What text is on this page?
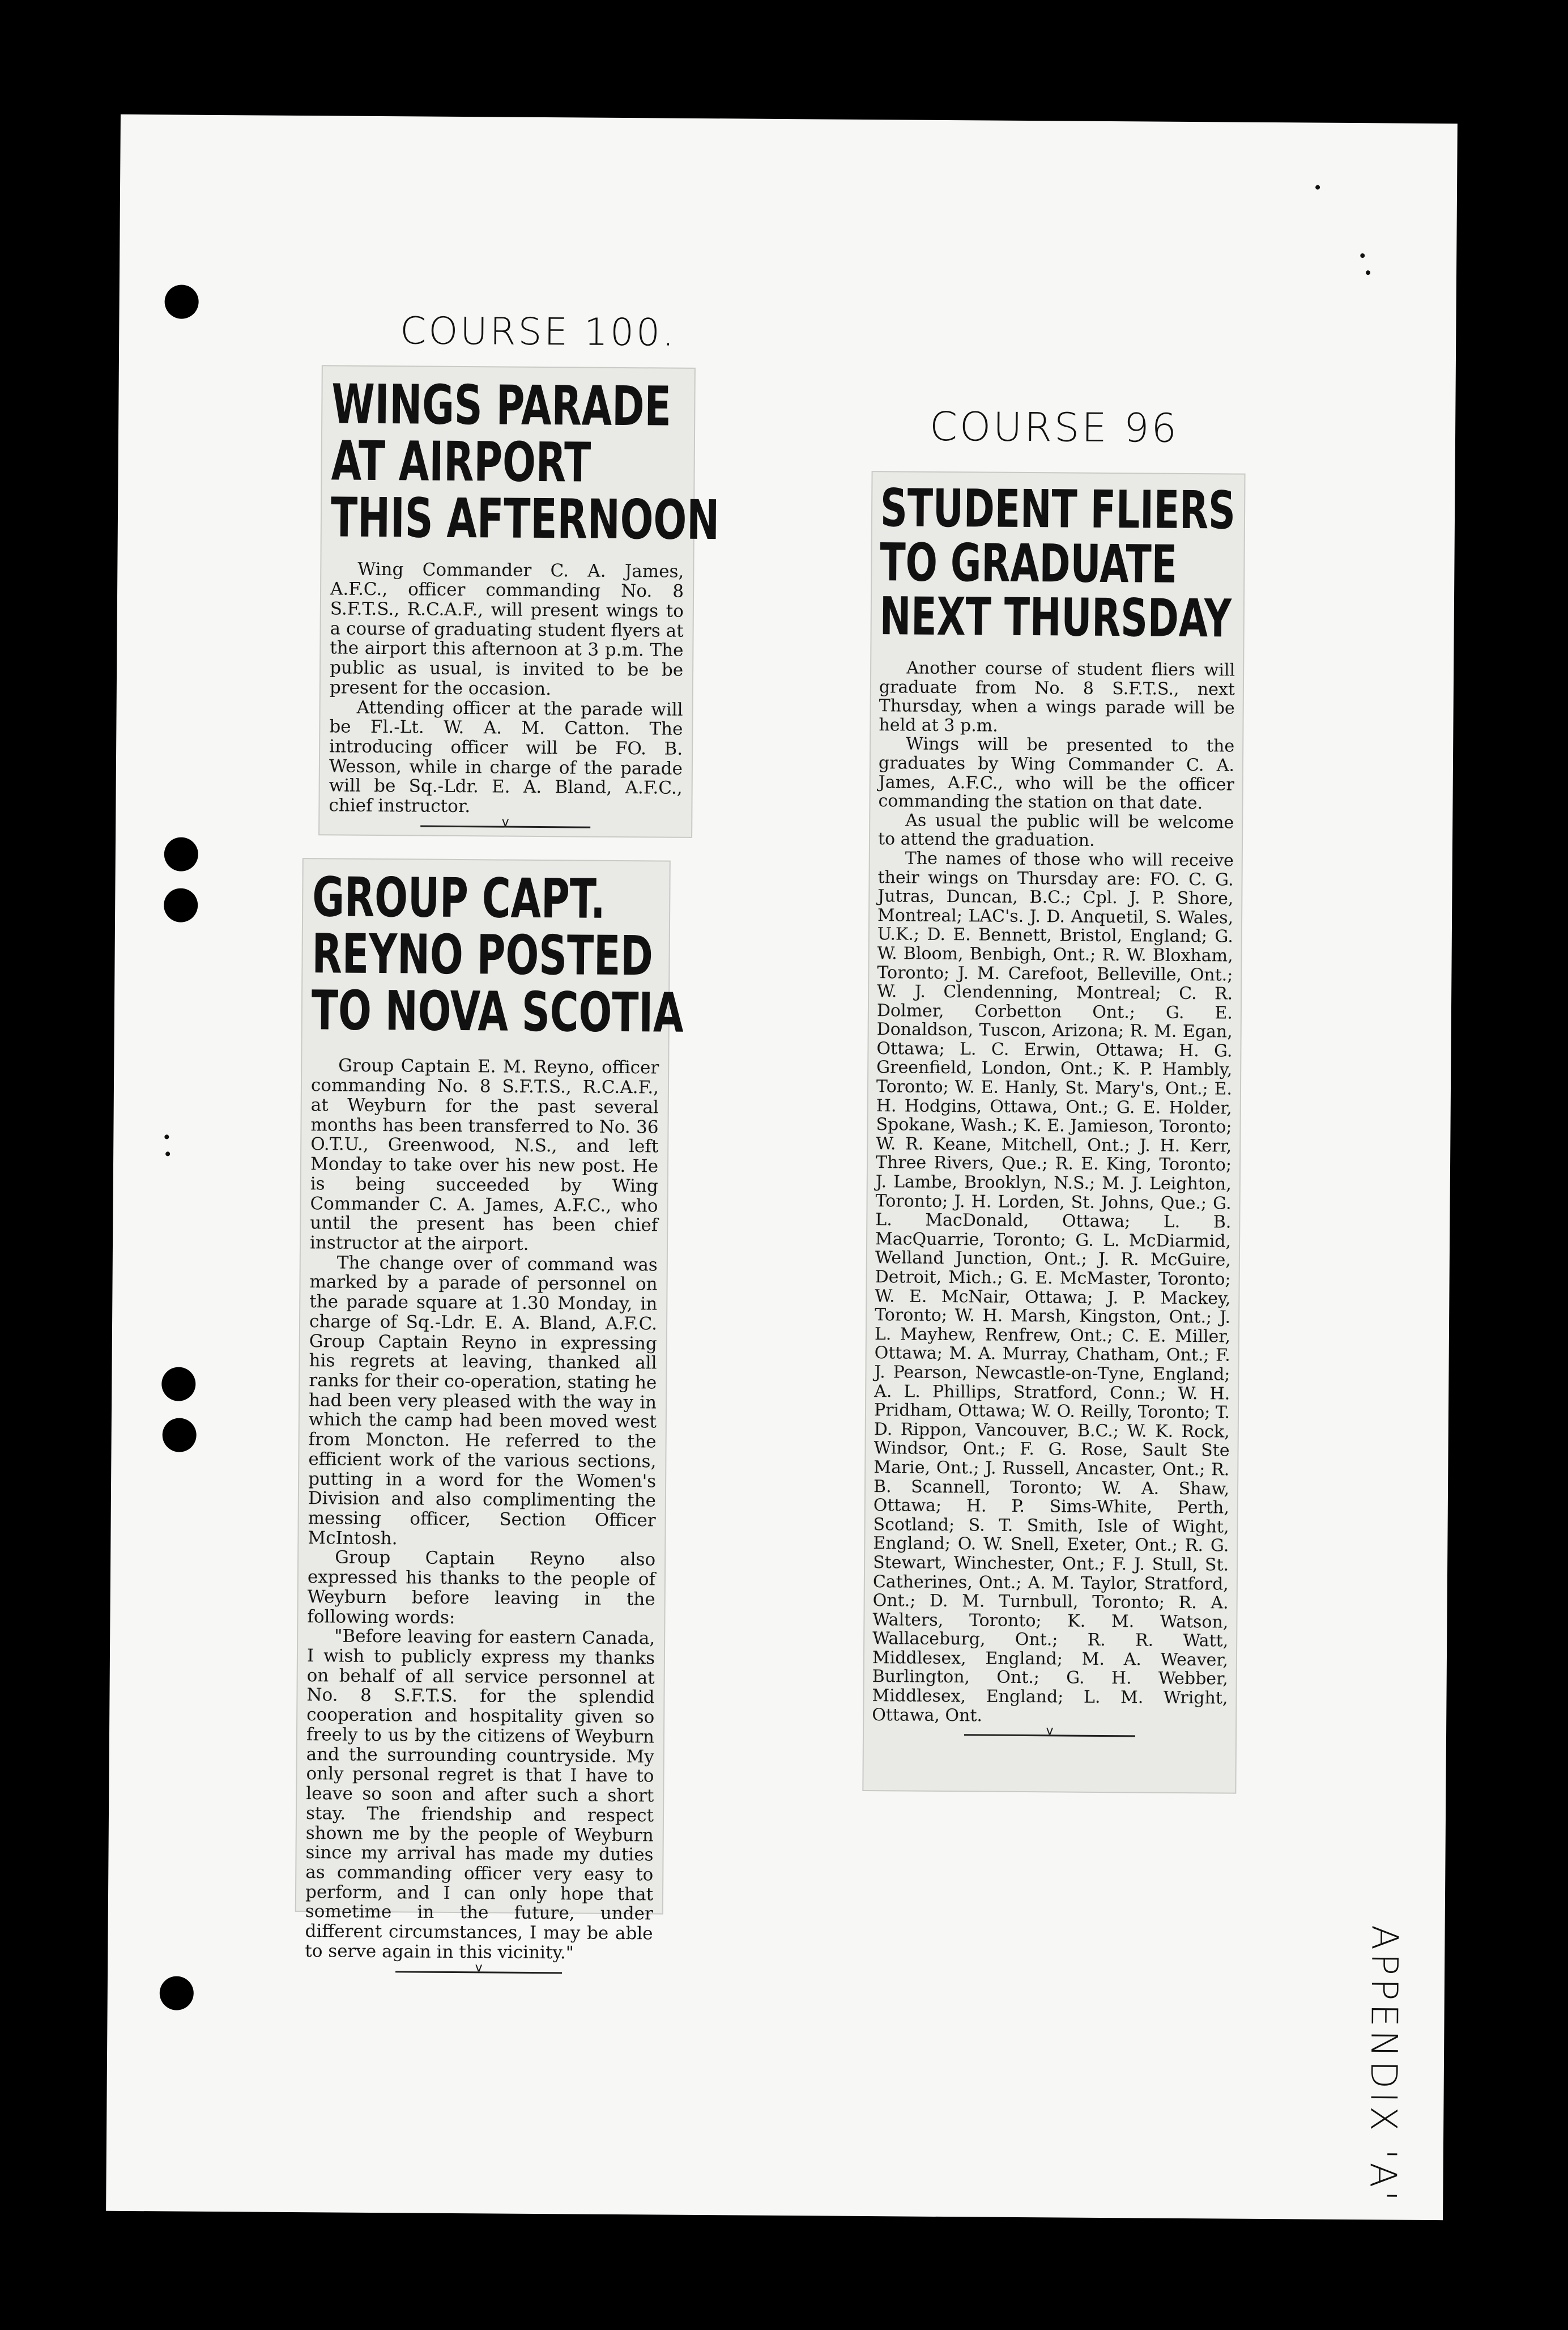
COURSE 100.
COURSE 96
APPENDIX 'A'
WINGS PARADE
AT AIRPORT
THIS AFTERNOON

Wing Commander C. A. James, A.F.C., officer commanding No. 8 S.F.T.S., R.C.A.F., will present wings to a course of graduating student flyers at the airport this afternoon at 3 p.m. The public as usual, is invited to be be present for the occasion.

Attending officer at the parade will be Fl.-Lt. W. A. M. Catton. The introducing officer will be FO. B. Wesson, while in charge of the parade will be Sq.-Ldr. E. A. Bland, A.F.C., chief instructor.

v
GROUP CAPT.
REYNO POSTED
TO NOVA SCOTIA

Group Captain E. M. Reyno, officer commanding No. 8 S.F.T.S., R.C.A.F., at Weyburn for the past several months has been transferred to No. 36 O.T.U., Greenwood, N.S., and left Monday to take over his new post. He is being succeeded by Wing Commander C. A. James, A.F.C., who until the present has been chief instructor at the airport.

The change over of command was marked by a parade of personnel on the parade square at 1.30 Monday, in charge of Sq.-Ldr. E. A. Bland, A.F.C. Group Captain Reyno in expressing his regrets at leaving, thanked all ranks for their co-operation, stating he had been very pleased with the way in which the camp had been moved west from Moncton. He referred to the efficient work of the various sections, putting in a word for the Women's Division and also complimenting the messing officer, Section Officer McIntosh.

Group Captain Reyno also expressed his thanks to the people of Weyburn before leaving in the following words:

"Before leaving for eastern Canada, I wish to publicly express my thanks on behalf of all service personnel at No. 8 S.F.T.S. for the splendid cooperation and hospitality given so freely to us by the citizens of Weyburn and the surrounding countryside. My only personal regret is that I have to leave so soon and after such a short stay. The friendship and respect shown me by the people of Weyburn since my arrival has made my duties as commanding officer very easy to perform, and I can only hope that sometime in the future, under different circumstances, I may be able to serve again in this vicinity."

v
STUDENT FLIERS
TO GRADUATE
NEXT THURSDAY

Another course of student fliers will graduate from No. 8 S.F.T.S., next Thursday, when a wings parade will be held at 3 p.m.

Wings will be presented to the graduates by Wing Commander C. A. James, A.F.C., who will be the officer commanding the station on that date.

As usual the public will be welcome to attend the graduation.

The names of those who will receive their wings on Thursday are: FO. C. G. Jutras, Duncan, B.C.; Cpl. J. P. Shore, Montreal; LAC's. J. D. Anquetil, S. Wales, U.K.; D. E. Bennett, Bristol, England; G. W. Bloom, Benbigh, Ont.; R. W. Bloxham, Toronto; J. M. Carefoot, Belleville, Ont.; W. J. Clendenning, Montreal; C. R. Dolmer, Corbetton Ont.; G. E. Donaldson, Tuscon, Arizona; R. M. Egan, Ottawa; L. C. Erwin, Ottawa; H. G. Greenfield, London, Ont.; K. P. Hambly, Toronto; W. E. Hanly, St. Mary's, Ont.; E. H. Hodgins, Ottawa, Ont.; G. E. Holder, Spokane, Wash.; K. E. Jamieson, Toronto; W. R. Keane, Mitchell, Ont.; J. H. Kerr, Three Rivers, Que.; R. E. King, Toronto; J. Lambe, Brooklyn, N.S.; M. J. Leighton, Toronto; J. H. Lorden, St. Johns, Que.; G. L. MacDonald, Ottawa; L. B. MacQuarrie, Toronto; G. L. McDiarmid, Welland Junction, Ont.; J. R. McGuire, Detroit, Mich.; G. E. McMaster, Toronto; W. E. McNair, Ottawa; J. P. Mackey, Toronto; W. H. Marsh, Kingston, Ont.; J. L. Mayhew, Renfrew, Ont.; C. E. Miller, Ottawa; M. A. Murray, Chatham, Ont.; F. J. Pearson, Newcastle-on-Tyne, England; A. L. Phillips, Stratford, Conn.; W. H. Pridham, Ottawa; W. O. Reilly, Toronto; T. D. Rippon, Vancouver, B.C.; W. K. Rock, Windsor, Ont.; F. G. Rose, Sault Ste Marie, Ont.; J. Russell, Ancaster, Ont.; R. B. Scannell, Toronto; W. A. Shaw, Ottawa; H. P. Sims-White, Perth, Scotland; S. T. Smith, Isle of Wight, England; O. W. Snell, Exeter, Ont.; R. G. Stewart, Winchester, Ont.; F. J. Stull, St. Catherines, Ont.; A. M. Taylor, Stratford, Ont.; D. M. Turnbull, Toronto; R. A. Walters, Toronto; K. M. Watson, Wallaceburg, Ont.; R. R. Watt, Middlesex, England; M. A. Weaver, Burlington, Ont.; G. H. Webber, Middlesex, England; L. M. Wright, Ottawa, Ont.

v
